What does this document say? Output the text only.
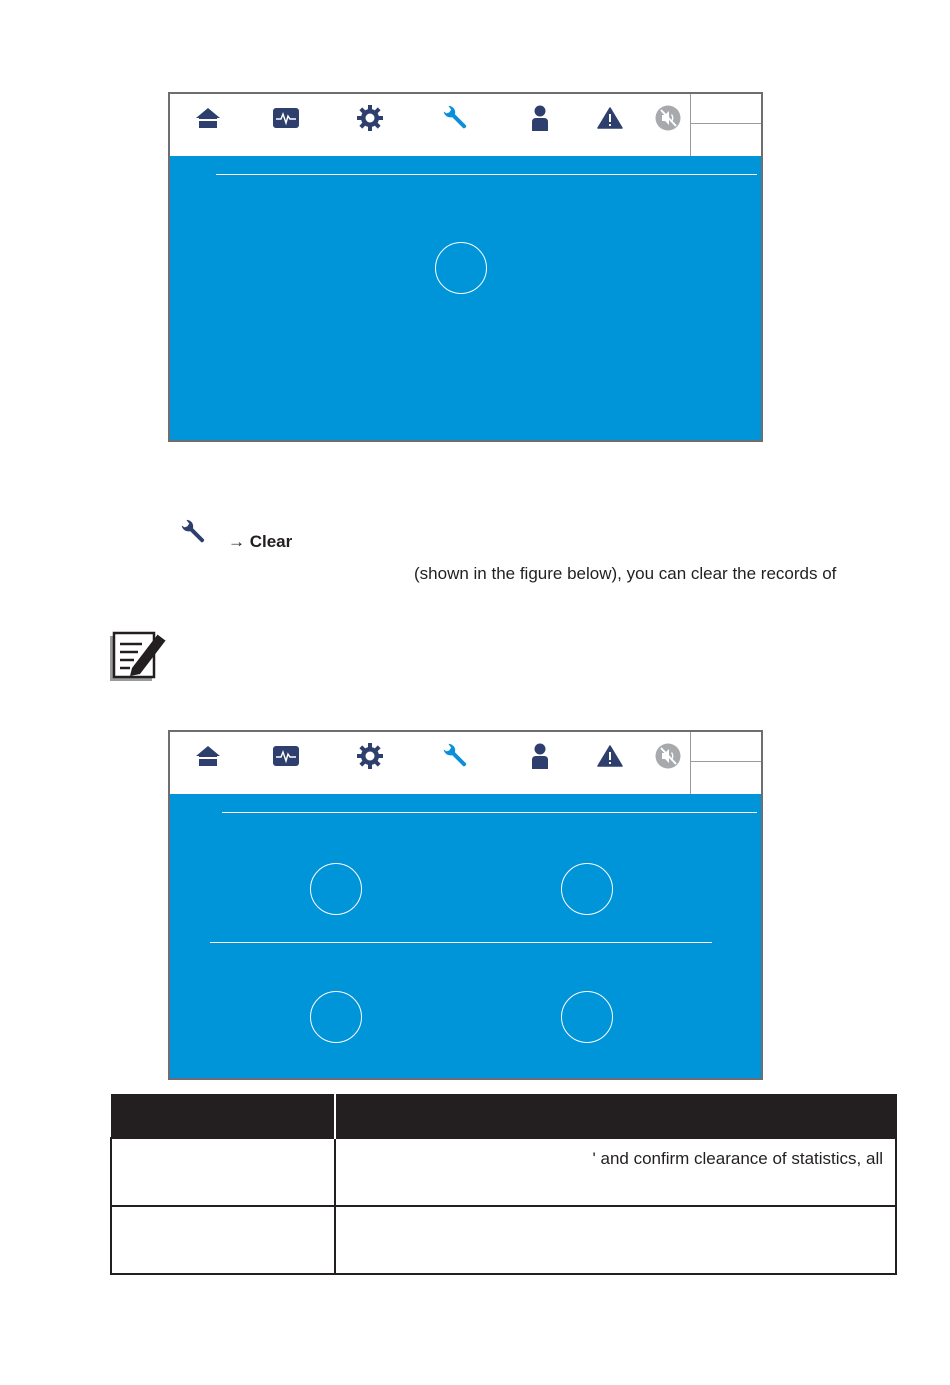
→ Clear
(shown in the figure below), you can clear the records of

	' and confirm clearance of statistics, all
